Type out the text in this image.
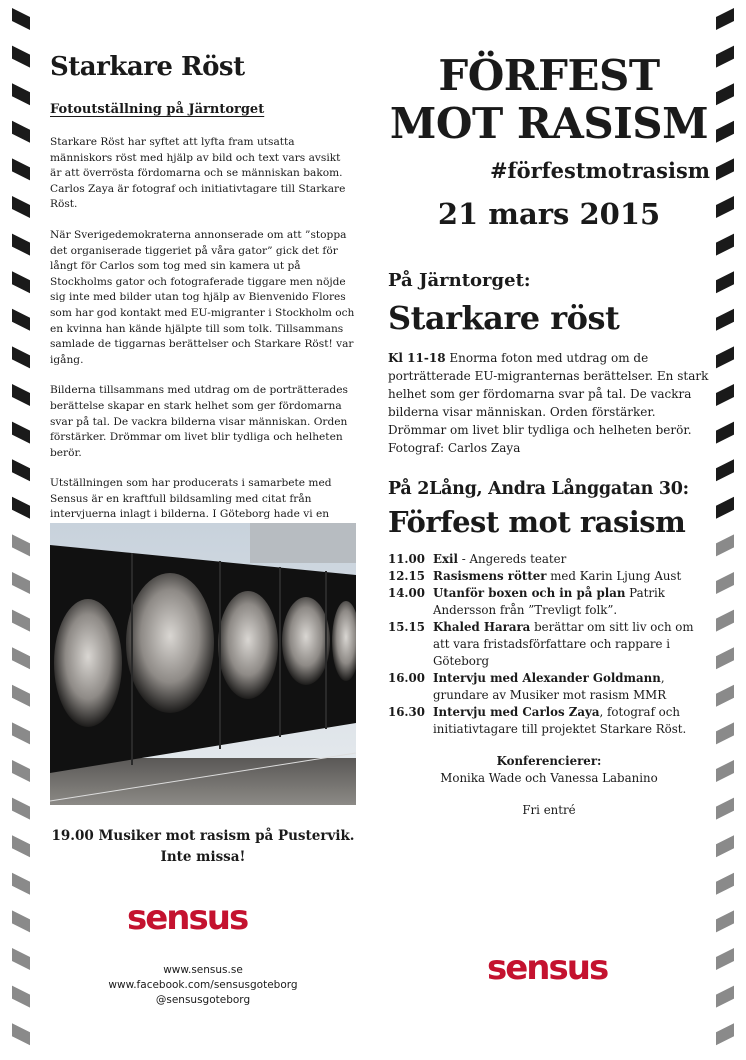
Starkare Röst
Fotoutställning på Järntorget

Starkare Röst har syftet att lyfta fram utsatta människors röst med hjälp av bild och text vars avsikt är att överrösta fördomarna och se människan bakom. Carlos Zaya är fotograf och initiativtagare till Starkare Röst.

När Sverigedemokraterna annonserade om att ”stoppa det organiserade tiggeriet på våra gator” gick det för långt för Carlos som tog med sin kamera ut på Stockholms gator och fotograferade tiggare men nöjde sig inte med bilder utan tog hjälp av Bienvenido Flores som har god kontakt med EU-migranter i Stockholm och en kvinna han kände hjälpte till som tolk. Tillsammans samlade de tiggarnas berättelser och Starkare Röst! var igång.

Bilderna tillsammans med utdrag om de porträtterades berättelse skapar en stark helhet som ger fördomarna svar på tal. De vackra bilderna visar människan. Orden förstärker. Drömmar om livet blir tydliga och helheten berör.

Utställningen som har producerats i samarbete med Sensus är en kraftfull bildsamling med citat från intervjuerna inlagt i bilderna. I Göteborg hade vi en

19.00 Musiker mot rasism på Pustervik. Inte missa!
sensus
www.sensus.se
www.facebook.com/sensusgoteborg
@sensusgoteborg
FÖRFEST
MOT RASISM
#förfestmotrasism
21 mars 2015
På Järntorget:
Starkare röst
Kl 11-18 Enorma foton med utdrag om de porträtterade EU-migranternas berättelser. En stark helhet som ger fördomarna svar på tal. De vackra bilderna visar människan. Orden förstärker. Drömmar om livet blir tydliga och helheten berör. Fotograf: Carlos Zaya
På 2Lång, Andra Långgatan 30:
Förfest mot rasism
11.00 Exil - Angereds teater
12.15 Rasismens rötter med Karin Ljung Aust
14.00 Utanför boxen och in på plan Patrik Andersson från ”Trevligt folk”.
15.15 Khaled Harara berättar om sitt liv och om att vara fristadsförfattare och rappare i Göteborg
16.00 Intervju med Alexander Goldmann, grundare av Musiker mot rasism MMR
16.30 Intervju med Carlos Zaya, fotograf och initiativtagare till projektet Starkare Röst.
Konferencierer:
Monika Wade och Vanessa Labanino
Fri entré
sensus
